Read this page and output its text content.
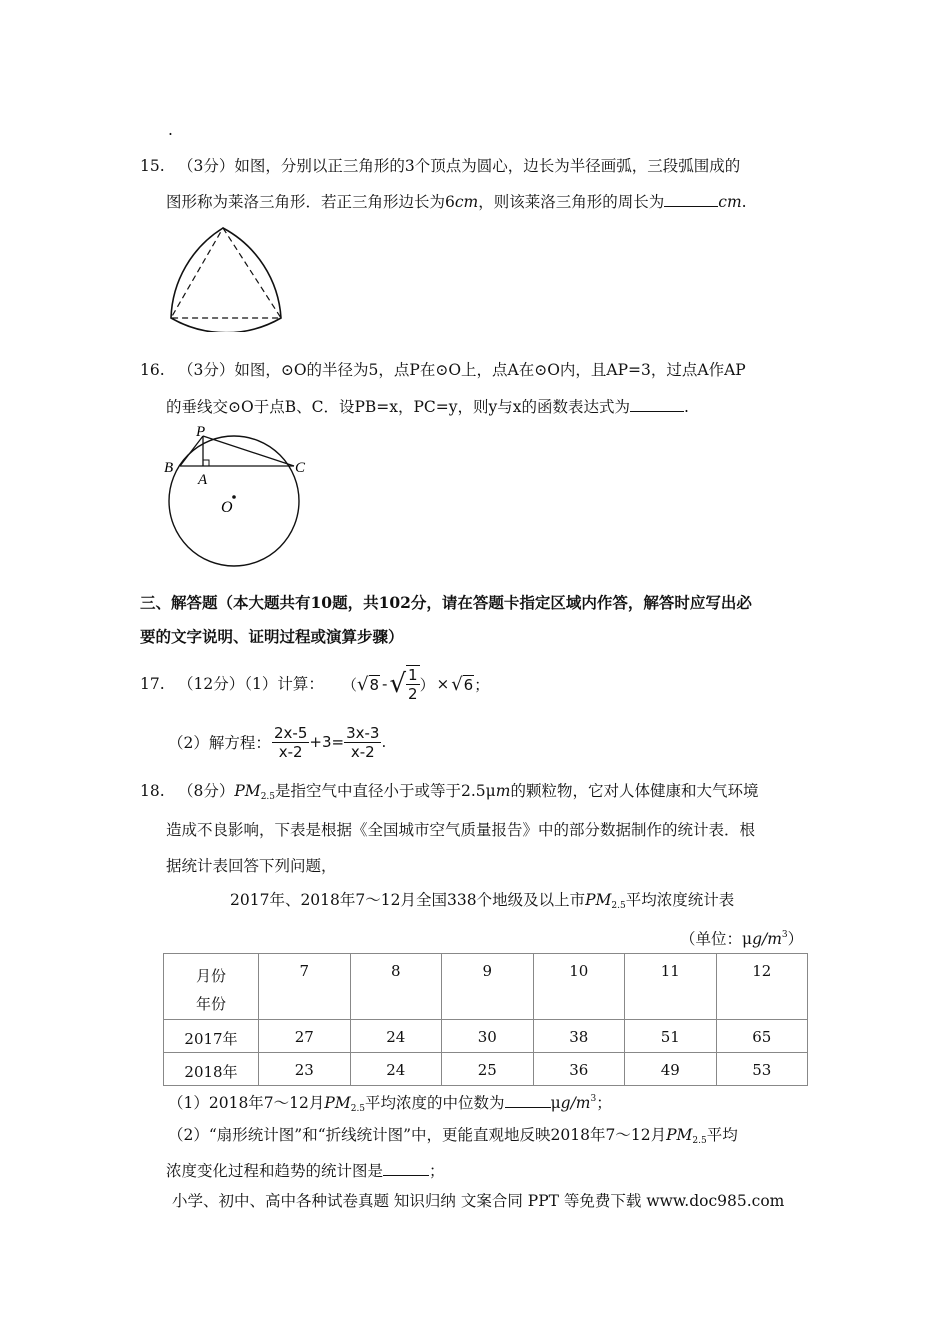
.
15. （3分）如图，分别以正三角形的3个顶点为圆心，边长为半径画弧，三段弧围成的
图形称为莱洛三角形．若正三角形边长为6cm，则该莱洛三角形的周长为	cm.
16. （3分）如图，⊙O的半径为5，点P在⊙O上，点A在⊙O内，且AP=3，过点A作AP
的垂线交⊙O于点B、C．设PB=x，PC=y，则y与x的函数表达式为	.
P
B	C
A
O
三、解答题（本大题共有10题，共102分，请在答题卡指定区域内作答，解答时应写出必
要的文字说明、证明过程或演算步骤）
17. （12分）（1）计算： （ √ 8 - √ $\frac{1}{2}$ ） × √ 6 ；
（2）解方程： $\frac{2x-5}{x-2} +3= \frac{3x-3}{x-2}$ .
18. （8分）$PM_{2.5}$是指空气中直径小于或等于2.5μm的颗粒物，它对人体健康和大气环境
造成不良影响，下表是根据《全国城市空气质量报告》中的部分数据制作的统计表．根
据统计表回答下列问题，
2017年、2018年7～12月全国338个地级及以上市$PM_{2.5}$平均浓度统计表
（单位：$\mu g/m^3$）
月份
年份	7	8	9	10	11	12
2017年	27	24	30	38	51	65
2018年	23	24	25	36	49	53
（1）2018年7～12月$PM_{2.5}$平均浓度的中位数为	$\mu g/m^3$；
（2）“扇形统计图”和“折线统计图”中，更能直观地反映2018年7～12月$PM_{2.5}$平均
浓度变化过程和趋势的统计图是	；
小学、初中、高中各种试卷真题 知识归纳 文案合同 PPT 等免费下载 www.doc985.com
